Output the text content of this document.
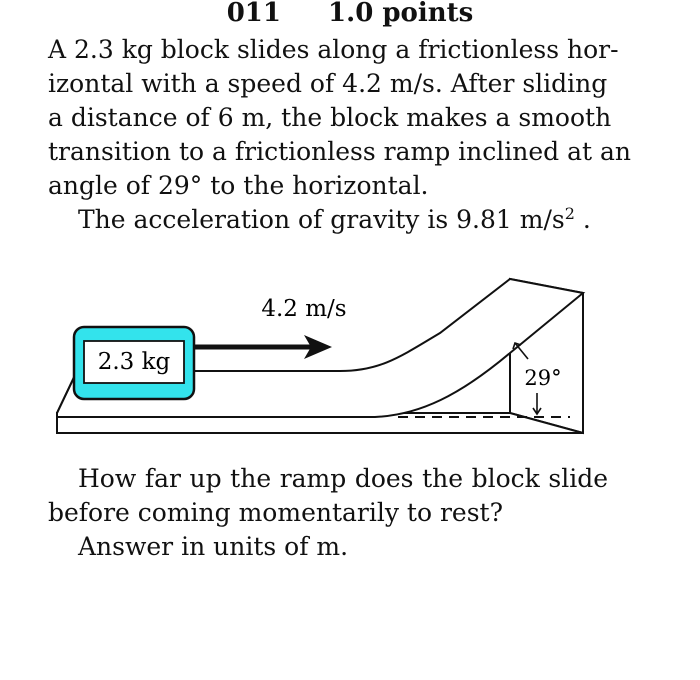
011 1.0 points
A 2.3 kg block slides along a frictionless hor-
izontal with a speed of 4.2 m/s. After sliding
a distance of 6 m, the block makes a smooth
transition to a frictionless ramp inclined at an
angle of 29° to the horizontal.
The acceleration of gravity is 9.81 $m/s^2$ .
2.3 kg
4.2 m/s
29°
How far up the ramp does the block slide
before coming momentarily to rest?
Answer in units of m.
